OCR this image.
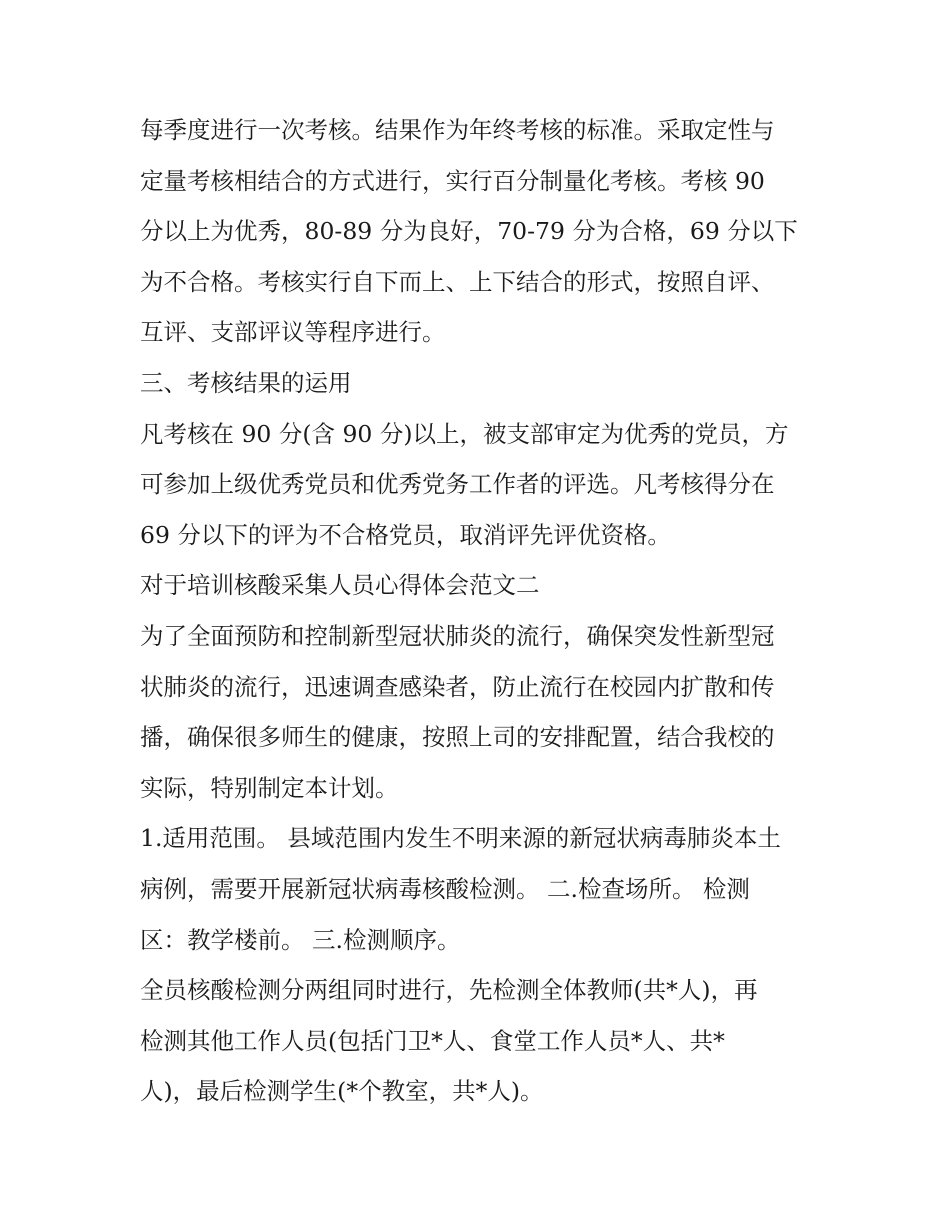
每季度进行一次考核。结果作为年终考核的标准。采取定性与
定量考核相结合的方式进行，实行百分制量化考核。考核 90
分以上为优秀，80-89 分为良好，70-79 分为合格，69 分以下
为不合格。考核实行自下而上、上下结合的形式，按照自评、
互评、支部评议等程序进行。
三、考核结果的运用
凡考核在 90 分(含 90 分)以上，被支部审定为优秀的党员，方
可参加上级优秀党员和优秀党务工作者的评选。凡考核得分在
69 分以下的评为不合格党员，取消评先评优资格。
对于培训核酸采集人员心得体会范文二
为了全面预防和控制新型冠状肺炎的流行，确保突发性新型冠
状肺炎的流行，迅速调查感染者，防止流行在校园内扩散和传
播，确保很多师生的健康，按照上司的安排配置，结合我校的
实际，特别制定本计划。
1.适用范围。 县域范围内发生不明来源的新冠状病毒肺炎本土
病例，需要开展新冠状病毒核酸检测。 二.检查场所。 检测
区：教学楼前。 三.检测顺序。
全员核酸检测分两组同时进行，先检测全体教师(共*人)，再
检测其他工作人员(包括门卫*人、食堂工作人员*人、共*
人)，最后检测学生(*个教室，共*人)。
